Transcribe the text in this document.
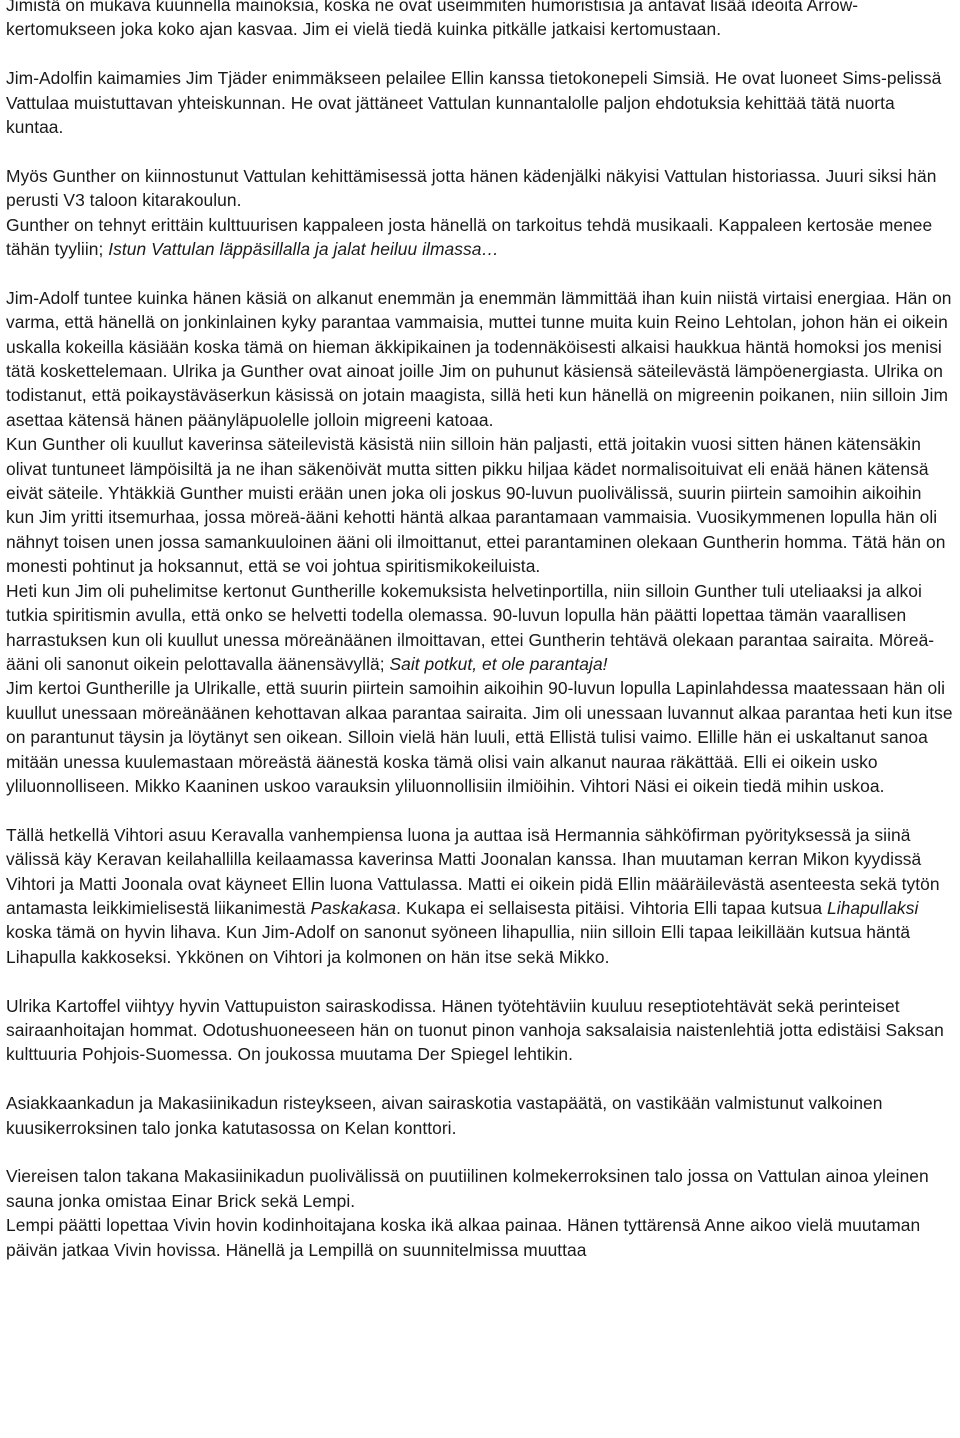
Jimistä on mukava kuunnella mainoksia, koska ne ovat useimmiten humoristisia ja antavat lisää ideoita Arrow-kertomukseen joka koko ajan kasvaa. Jim ei vielä tiedä kuinka pitkälle jatkaisi kertomustaan.

Jim-Adolfin kaimamies Jim Tjäder enimmäkseen pelailee Ellin kanssa tietokonepeli Simsiä. He ovat luoneet Sims-pelissä Vattulaa muistuttavan yhteiskunnan. He ovat jättäneet Vattulan kunnantalolle paljon ehdotuksia kehittää tätä nuorta kuntaa.

Myös Gunther on kiinnostunut Vattulan kehittämisessä jotta hänen kädenjälki näkyisi Vattulan historiassa. Juuri siksi hän perusti V3 taloon kitarakoulun.

Gunther on tehnyt erittäin kulttuurisen kappaleen josta hänellä on tarkoitus tehdä musikaali. Kappaleen kertosäe menee tähän tyyliin; Istun Vattulan läppäsillalla ja jalat heiluu ilmassa…

Jim-Adolf tuntee kuinka hänen käsiä on alkanut enemmän ja enemmän lämmittää ihan kuin niistä virtaisi energiaa. Hän on varma, että hänellä on jonkinlainen kyky parantaa vammaisia, muttei tunne muita kuin Reino Lehtolan, johon hän ei oikein uskalla kokeilla käsiään koska tämä on hieman äkkipikainen ja todennäköisesti alkaisi haukkua häntä homoksi jos menisi tätä koskettelemaan. Ulrika ja Gunther ovat ainoat joille Jim on puhunut käsiensä säteilevästä lämpöenergiasta. Ulrika on todistanut, että poikaystäväserkun käsissä on jotain maagista, sillä heti kun hänellä on migreenin poikanen, niin silloin Jim asettaa kätensä hänen päänyläpuolelle jolloin migreeni katoaa.

Kun Gunther oli kuullut kaverinsa säteilevistä käsistä niin silloin hän paljasti, että joitakin vuosi sitten hänen kätensäkin olivat tuntuneet lämpöisiltä ja ne ihan säkenöivät mutta sitten pikku hiljaa kädet normalisoituivat eli enää hänen kätensä eivät säteile. Yhtäkkiä Gunther muisti erään unen joka oli joskus 90-luvun puolivälissä, suurin piirtein samoihin aikoihin kun Jim yritti itsemurhaa, jossa möreä-ääni kehotti häntä alkaa parantamaan vammaisia. Vuosikymmenen lopulla hän oli nähnyt toisen unen jossa samankuuloinen ääni oli ilmoittanut, ettei parantaminen olekaan Guntherin homma. Tätä hän on monesti pohtinut ja hoksannut, että se voi johtua spiritismikokeiluista.

Heti kun Jim oli puhelimitse kertonut Guntherille kokemuksista helvetinportilla, niin silloin Gunther tuli uteliaaksi ja alkoi tutkia spiritismin avulla, että onko se helvetti todella olemassa. 90-luvun lopulla hän päätti lopettaa tämän vaarallisen harrastuksen kun oli kuullut unessa möreänäänen ilmoittavan, ettei Guntherin tehtävä olekaan parantaa sairaita. Möreä-ääni oli sanonut oikein pelottavalla äänensävyllä; Sait potkut, et ole parantaja!

Jim kertoi Guntherille ja Ulrikalle, että suurin piirtein samoihin aikoihin 90-luvun lopulla Lapinlahdessa maatessaan hän oli kuullut unessaan möreänäänen kehottavan alkaa parantaa sairaita. Jim oli unessaan luvannut alkaa parantaa heti kun itse on parantunut täysin ja löytänyt sen oikean. Silloin vielä hän luuli, että Ellistä tulisi vaimo. Ellille hän ei uskaltanut sanoa mitään unessa kuulemastaan möreästä äänestä koska tämä olisi vain alkanut nauraa räkättää. Elli ei oikein usko yliluonnolliseen. Mikko Kaaninen uskoo varauksin yliluonnollisiin ilmiöihin. Vihtori Näsi ei oikein tiedä mihin uskoa.

Tällä hetkellä Vihtori asuu Keravalla vanhempiensa luona ja auttaa isä Hermannia sähköfirman pyörityksessä ja siinä välissä käy Keravan keilahallilla keilaamassa kaverinsa Matti Joonalan kanssa. Ihan muutaman kerran Mikon kyydissä Vihtori ja Matti Joonala ovat käyneet Ellin luona Vattulassa. Matti ei oikein pidä Ellin määräilevästä asenteesta sekä tytön antamasta leikkimielisestä liikanimestä Paskakasa. Kukapa ei sellaisesta pitäisi. Vihtoria Elli tapaa kutsua Lihapullaksi koska tämä on hyvin lihava. Kun Jim-Adolf on sanonut syöneen lihapullia, niin silloin Elli tapaa leikillään kutsua häntä Lihapulla kakkoseksi. Ykkönen on Vihtori ja kolmonen on hän itse sekä Mikko.

Ulrika Kartoffel viihtyy hyvin Vattupuiston sairaskodissa. Hänen työtehtäviin kuuluu reseptiotehtävät sekä perinteiset sairaanhoitajan hommat. Odotushuoneeseen hän on tuonut pinon vanhoja saksalaisia naistenlehtiä jotta edistäisi Saksan kulttuuria Pohjois-Suomessa. On joukossa muutama Der Spiegel lehtikin.

Asiakkaankadun ja Makasiinikadun risteykseen, aivan sairaskotia vastapäätä, on vastikään valmistunut valkoinen kuusikerroksinen talo jonka katutasossa on Kelan konttori.

Viereisen talon takana Makasiinikadun puolivälissä on puutiilinen kolmekerroksinen talo jossa on Vattulan ainoa yleinen sauna jonka omistaa Einar Brick sekä Lempi.

Lempi päätti lopettaa Vivin hovin kodinhoitajana koska ikä alkaa painaa. Hänen tyttärensä Anne aikoo vielä muutaman päivän jatkaa Vivin hovissa. Hänellä ja Lempillä on suunnitelmissa muuttaa
